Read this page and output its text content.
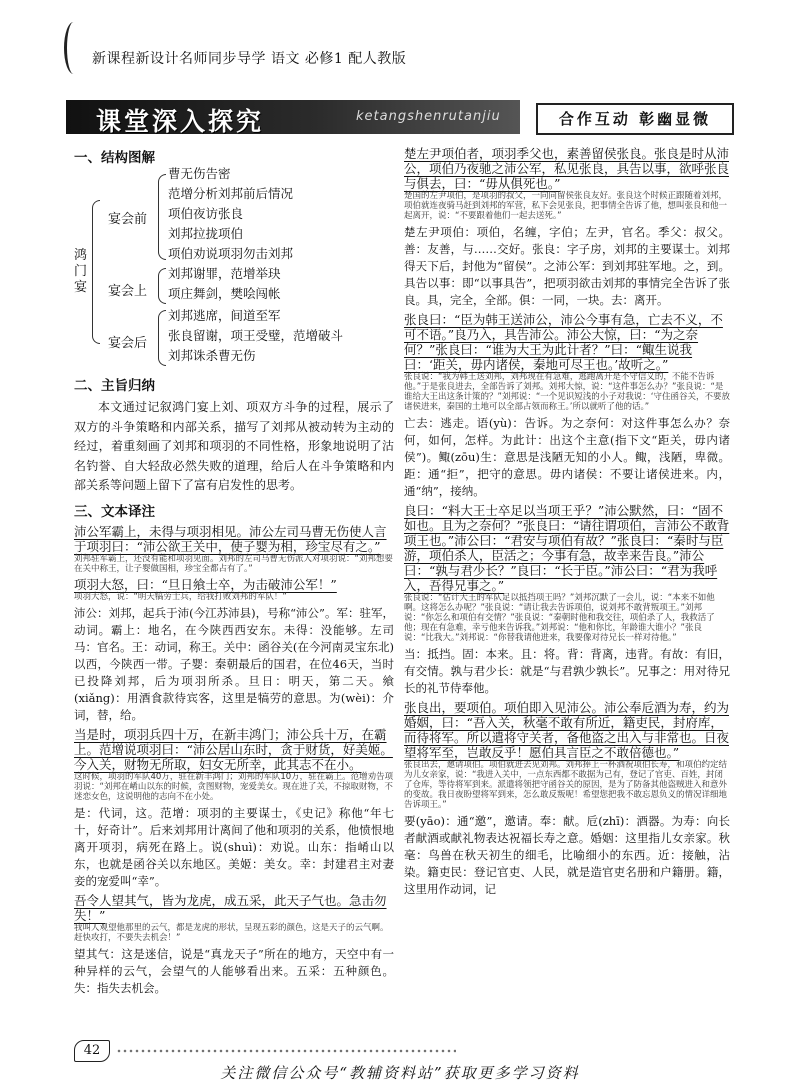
新课程新设计名师同步导学 语文 必修1 配人教版
课堂深入探究	ketangshenrutanjiu	合作互动 彰幽显微
一、结构图解
鸿门宴
宴会前
曹无伤告密
范增分析刘邦前后情况
项伯夜访张良
刘邦拉拢项伯
项伯劝说项羽勿击刘邦
宴会上
刘邦谢罪，范增举玦
项庄舞剑，樊哙闯帐
宴会后
刘邦逃席，间道至军
张良留谢，项王受璧，范增破斗
刘邦诛杀曹无伤
二、主旨归纳

本文通过记叙鸿门宴上刘、项双方斗争的过程，展示了双方的斗争策略和内部关系，描写了刘邦从被动转为主动的经过，着重刻画了刘邦和项羽的不同性格，形象地说明了沽名钓誉、自大轻敌必然失败的道理，给后人在斗争策略和内部关系等问题上留下了富有启发性的思考。

三、文本译注
沛公军霸上，未得与项羽相见。沛公左司马曹无伤使人言于项羽曰：“沛公欲王关中，使子婴为相，珍宝尽有之。”
刘邦驻军霸上，还没有能和项羽见面。刘邦的左司马曹无伤派人对项羽说：“刘邦想要在关中称王，让子婴做国相，珍宝全都占有了。”
项羽大怒，曰：“旦日飨士卒，为击破沛公军！”
项羽大怒，说：“明天犒劳士兵，给我打败刘邦的军队！”
沛公：刘邦，起兵于沛(今江苏沛县)，号称“沛公”。军：驻军，动词。霸上：地名，在今陕西西安东。未得：没能够。左司马：官名。王：动词，称王。关中：函谷关(在今河南灵宝东北)以西，今陕西一带。子婴：秦朝最后的国君，在位46天，当时已投降刘邦，后为项羽所杀。旦日：明天，第二天。飨(xiǎng)：用酒食款待宾客，这里是犒劳的意思。为(wèi)：介词，替，给。
当是时，项羽兵四十万，在新丰鸿门；沛公兵十万，在霸上。范增说项羽曰：“沛公居山东时，贪于财货，好美姬。今入关，财物无所取，妇女无所幸，此其志不在小。
这时候，项羽的军队40万，驻在新丰鸿门；刘邦的军队10万，驻在霸上。范增劝告项羽说：“刘邦在崤山以东的时候，贪图财物，宠爱美女。现在进了关，不掠取财物，不迷恋女色，这说明他的志向不在小处。
是：代词，这。范增：项羽的主要谋士，《史记》称他“年七十，好奇计”。后来刘邦用计离间了他和项羽的关系，他愤恨地离开项羽，病死在路上。说(shuì)：劝说。山东：指崤山以东，也就是函谷关以东地区。美姬：美女。幸：封建君主对妻妾的宠爱叫“幸”。
吾令人望其气，皆为龙虎，成五采，此天子气也。急击勿失！”
我叫人观望他那里的云气，都是龙虎的形状，呈现五彩的颜色，这是天子的云气啊。赶快攻打，不要失去机会！”
望其气：这是迷信，说是“真龙天子”所在的地方，天空中有一种异样的云气，会望气的人能够看出来。五采：五种颜色。失：指失去机会。
楚左尹项伯者，项羽季父也，素善留侯张良。张良是时从沛公，项伯乃夜驰之沛公军，私见张良，具告以事，欲呼张良与俱去，曰：“毋从俱死也。”
楚国的左尹项伯，是项羽的叔父，一向同留侯张良友好。张良这个时候正跟随着刘邦，项伯就连夜骑马赶到刘邦的军营，私下会见张良，把事情全告诉了他，想叫张良和他一起离开，说：“不要跟着他们一起去送死。”
楚左尹项伯：项伯，名缠，字伯；左尹，官名。季父：叔父。善：友善，与……交好。张良：字子房，刘邦的主要谋士。刘邦得天下后，封他为“留侯”。之沛公军：到刘邦驻军地。之，到。具告以事：即“以事具告”，把项羽欲击刘邦的事情完全告诉了张良。具，完全，全部。俱：一同，一块。去：离开。
张良曰：“臣为韩王送沛公，沛公今事有急，亡去不义，不可不语。”良乃入，具告沛公。沛公大惊，曰：“为之奈何？”张良曰：“谁为大王为此计者？”曰：“鲰生说我曰：‘距关，毋内诸侯，秦地可尽王也。’故听之。”
张良说：“我为韩王送刘邦，刘邦现在有急难，逃跑离开是不守信义的，不能不告诉他。”于是张良进去，全部告诉了刘邦。刘邦大惊，说：“这件事怎么办？”张良说：“是谁给大王出这条计策的？”刘邦说：“一个见识短浅的小子对我说：‘守住函谷关，不要放诸侯进来，秦国的土地可以全部占领而称王。’所以就听了他的话。”
亡去：逃走。语(yù)：告诉。为之奈何：对这件事怎么办？奈何，如何，怎样。为此计：出这个主意(指下文“距关，毋内诸侯”)。鲰(zōu)生：意思是浅陋无知的小人。鲰，浅陋，卑微。距：通“拒”，把守的意思。毋内诸侯：不要让诸侯进来。内，通“纳”，接纳。
良曰：“料大王士卒足以当项王乎？”沛公默然，曰：“固不如也。且为之奈何？”张良曰：“请往谓项伯，言沛公不敢背项王也。”沛公曰：“君安与项伯有故？”张良曰：“秦时与臣游，项伯杀人，臣活之；今事有急，故幸来告良。”沛公曰：“孰与君少长？”良曰：“长于臣。”沛公曰：“君为我呼入，吾得兄事之。”
张良说：“估计大王的军队足以抵挡项王吗？”刘邦沉默了一会儿，说：“本来不如他啊。这将怎么办呢？”张良说：“请让我去告诉项伯，说刘邦不敢背叛项王。”刘邦说：“你怎么和项伯有交情？”张良说：“秦朝时他和我交往，项伯杀了人，我救活了他；现在有急难，幸亏他来告诉我。”刘邦说：“他和你比，年龄谁大谁小？”张良说：“比我大。”刘邦说：“你替我请他进来，我要像对待兄长一样对待他。”
当：抵挡。固：本来。且：将。背：背离，违背。有故：有旧，有交情。孰与君少长：就是“与君孰少孰长”。兄事之：用对待兄长的礼节侍奉他。
张良出，要项伯。项伯即入见沛公。沛公奉卮酒为寿，约为婚姻，曰：“吾入关，秋毫不敢有所近，籍吏民，封府库，而待将军。所以遣将守关者，备他盗之出入与非常也。日夜望将军至，岂敢反乎！愿伯具言臣之不敢倍德也。”
张良出去，邀请项伯。项伯就进去见刘邦。刘邦捧上一杯酒祝项伯长寿，和项伯约定结为儿女亲家，说：“我进入关中，一点东西都不敢据为己有，登记了官吏、百姓，封闭了仓库，等待将军到来。派遣将领把守函谷关的原因，是为了防备其他盗贼进入和意外的变故。我日夜盼望将军到来，怎么敢反叛呢！希望您把我不敢忘恩负义的情况详细地告诉项王。”
要(yāo)：通“邀”，邀请。奉：献。卮(zhī)：酒器。为寿：向长者献酒或献礼物表达祝福长寿之意。婚姻：这里指儿女亲家。秋毫：鸟兽在秋天初生的细毛，比喻细小的东西。近：接触，沾染。籍吏民：登记官吏、人民，就是造官吏名册和户籍册。籍，这里用作动词，记
42
关注微信公众号“教辅资料站”获取更多学习资料
